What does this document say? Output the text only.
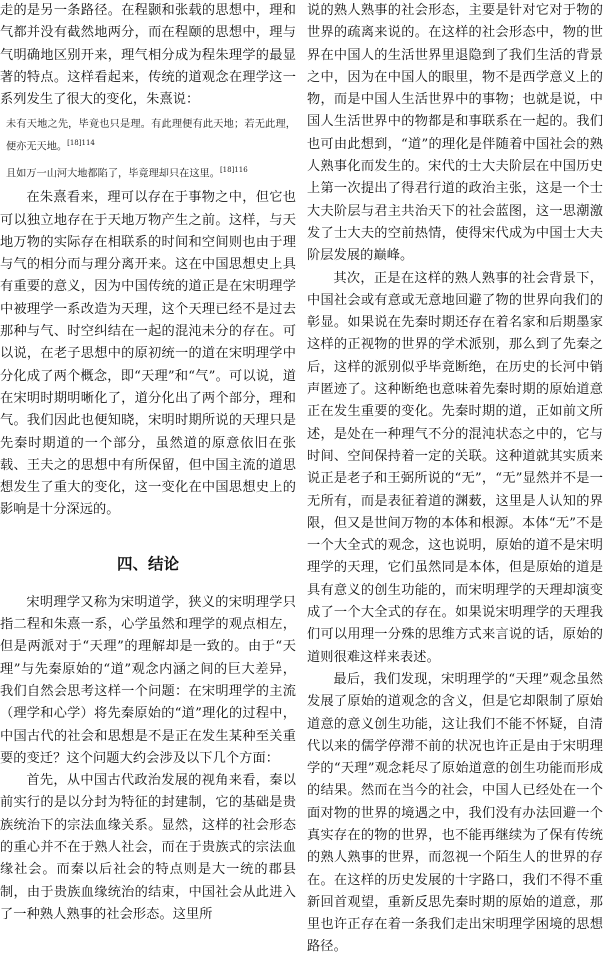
走的是另一条路径。在程颢和张载的思想中，理和气都并没有截然地两分，而在程颐的思想中，理与气明确地区别开来，理气相分成为程朱理学的最显著的特点。这样看起来，传统的道观念在理学这一系列发生了很大的变化，朱熹说：

未有天地之先，毕竟也只是理。有此理便有此天地；若无此理，便亦无天地。$^{[18]114}$
且如万一山河大地都陷了，毕竟理却只在这里。$^{[18]116}$

在朱熹看来，理可以存在于事物之中，但它也可以独立地存在于天地万物产生之前。这样，与天地万物的实际存在相联系的时间和空间则也由于理与气的相分而与理分离开来。这在中国思想史上具有重要的意义，因为中国传统的道正是在宋明理学中被理学一系改造为天理，这个天理已经不是过去那种与气、时空纠结在一起的混沌未分的存在。可以说，在老子思想中的原初统一的道在宋明理学中分化成了两个概念，即“天理”和“气”。可以说，道在宋明时期明晰化了，道分化出了两个部分，理和气。我们因此也便知晓，宋明时期所说的天理只是先秦时期道的一个部分，虽然道的原意依旧在张载、王夫之的思想中有所保留，但中国主流的道思想发生了重大的变化，这一变化在中国思想史上的影响是十分深远的。

四、结论

宋明理学又称为宋明道学，狭义的宋明理学只指二程和朱熹一系，心学虽然和理学的观点相左，但是两派对于“天理”的理解却是一致的。由于“天理”与先秦原始的“道”观念内涵之间的巨大差异，我们自然会思考这样一个问题：在宋明理学的主流（理学和心学）将先秦原始的“道”理化的过程中，中国古代的社会和思想是不是正在发生某种至关重要的变迁？这个问题大约会涉及以下几个方面：

首先，从中国古代政治发展的视角来看，秦以前实行的是以分封为特征的封建制，它的基础是贵族统治下的宗法血缘关系。显然，这样的社会形态的重心并不在于熟人社会，而在于贵族式的宗法血缘社会。而秦以后社会的特点则是大一统的郡县制，由于贵族血缘统治的结束，中国社会从此进入了一种熟人熟事的社会形态。这里所

说的熟人熟事的社会形态，主要是针对它对于物的世界的疏离来说的。在这样的社会形态中，物的世界在中国人的生活世界里退隐到了我们生活的背景之中，因为在中国人的眼里，物不是西学意义上的物，而是中国人生活世界中的事物；也就是说，中国人生活世界中的物都是和事联系在一起的。我们也可由此想到，“道”的理化是伴随着中国社会的熟人熟事化而发生的。宋代的士大夫阶层在中国历史上第一次提出了得君行道的政治主张，这是一个士大夫阶层与君主共治天下的社会蓝图，这一思潮激发了士大夫的空前热情，使得宋代成为中国士大夫阶层发展的巅峰。

其次，正是在这样的熟人熟事的社会背景下，中国社会或有意或无意地回避了物的世界向我们的彰显。如果说在先秦时期还存在着名家和后期墨家这样的正视物的世界的学术派别，那么到了先秦之后，这样的派别似乎毕竟断绝，在历史的长河中销声匿迹了。这种断绝也意味着先秦时期的原始道意正在发生重要的变化。先秦时期的道，正如前文所述，是处在一种理气不分的混沌状态之中的，它与时间、空间保持着一定的关联。这种道就其实质来说正是老子和王弼所说的“无”，“无”显然并不是一无所有，而是表征着道的渊薮，这里是人认知的界限，但又是世间万物的本体和根源。本体“无”不是一个大全式的观念，这也说明，原始的道不是宋明理学的天理，它们虽然同是本体，但是原始的道是具有意义的创生功能的，而宋明理学的天理却演变成了一个大全式的存在。如果说宋明理学的天理我们可以用理一分殊的思维方式来言说的话，原始的道则很难这样来表述。

最后，我们发现，宋明理学的“天理”观念虽然发展了原始的道观念的含义，但是它却限制了原始道意的意义创生功能，这让我们不能不怀疑，自清代以来的儒学停滞不前的状况也许正是由于宋明理学的“天理”观念耗尽了原始道意的创生功能而形成的结果。然而在当今的社会，中国人已经处在一个面对物的世界的境遇之中，我们没有办法回避一个真实存在的物的世界，也不能再继续为了保有传统的熟人熟事的世界，而忽视一个陌生人的世界的存在。在这样的历史发展的十字路口，我们不得不重新回首观望，重新反思先秦时期的原始的道意，那里也许正存在着一条我们走出宋明理学困境的思想路径。
